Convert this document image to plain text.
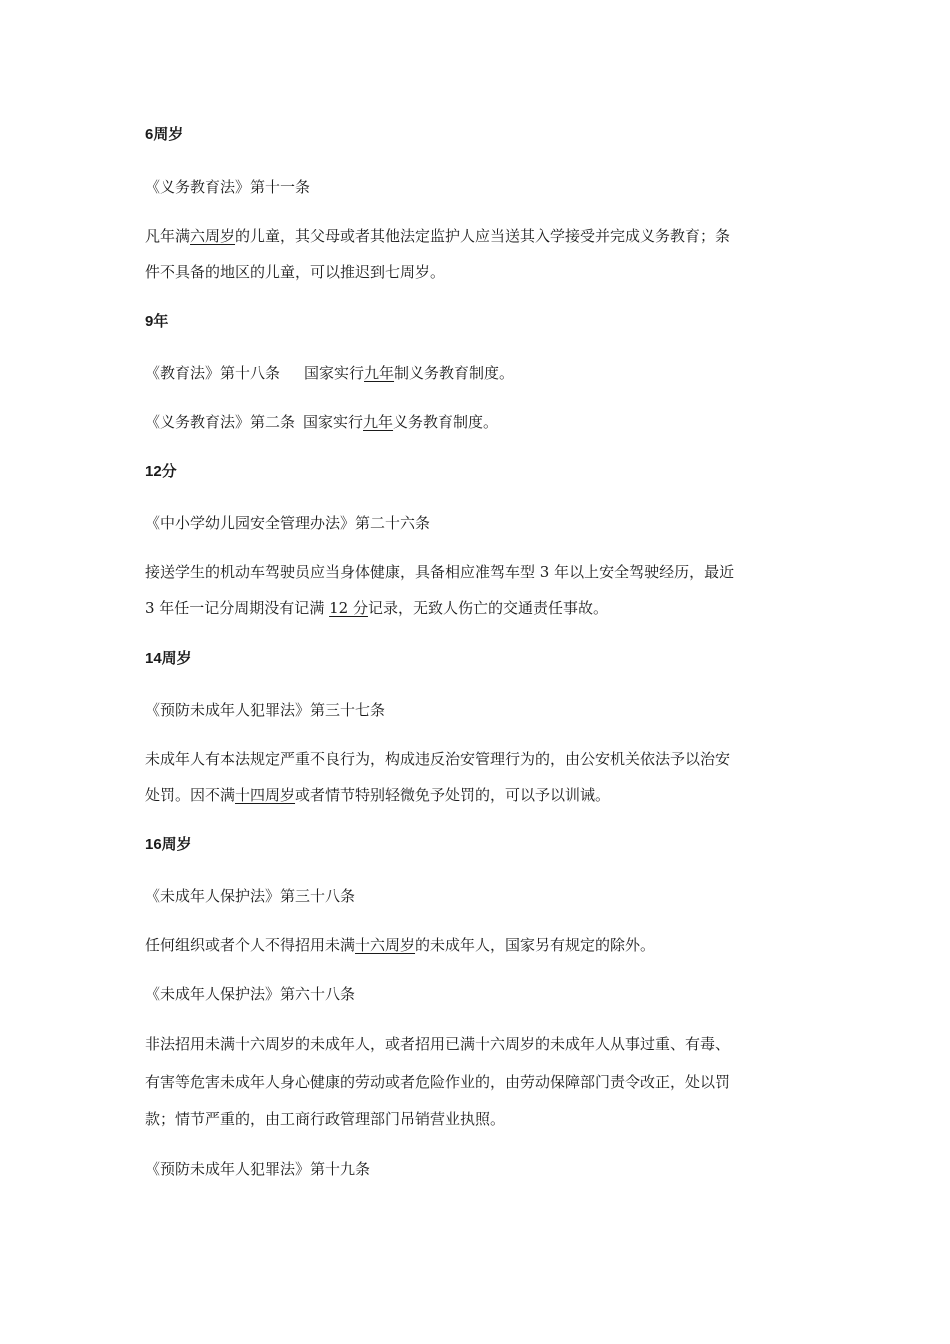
6周岁
《义务教育法》第十一条
凡年满六周岁的儿童，其父母或者其他法定监护人应当送其入学接受并完成义务教育；条
件不具备的地区的儿童，可以推迟到七周岁。
9年
《教育法》第十八条 国家实行九年制义务教育制度。
《义务教育法》第二条 国家实行九年义务教育制度。
12分
《中小学幼儿园安全管理办法》第二十六条
接送学生的机动车驾驶员应当身体健康，具备相应准驾车型 3 年以上安全驾驶经历，最近
3 年任一记分周期没有记满 12 分记录，无致人伤亡的交通责任事故。
14周岁
《预防未成年人犯罪法》第三十七条
未成年人有本法规定严重不良行为，构成违反治安管理行为的，由公安机关依法予以治安
处罚。因不满十四周岁或者情节特别轻微免予处罚的，可以予以训诫。
16周岁
《未成年人保护法》第三十八条
任何组织或者个人不得招用未满十六周岁的未成年人，国家另有规定的除外。
《未成年人保护法》第六十八条
非法招用未满十六周岁的未成年人，或者招用已满十六周岁的未成年人从事过重、有毒、
有害等危害未成年人身心健康的劳动或者危险作业的，由劳动保障部门责令改正，处以罚
款；情节严重的，由工商行政管理部门吊销营业执照。
《预防未成年人犯罪法》第十九条
